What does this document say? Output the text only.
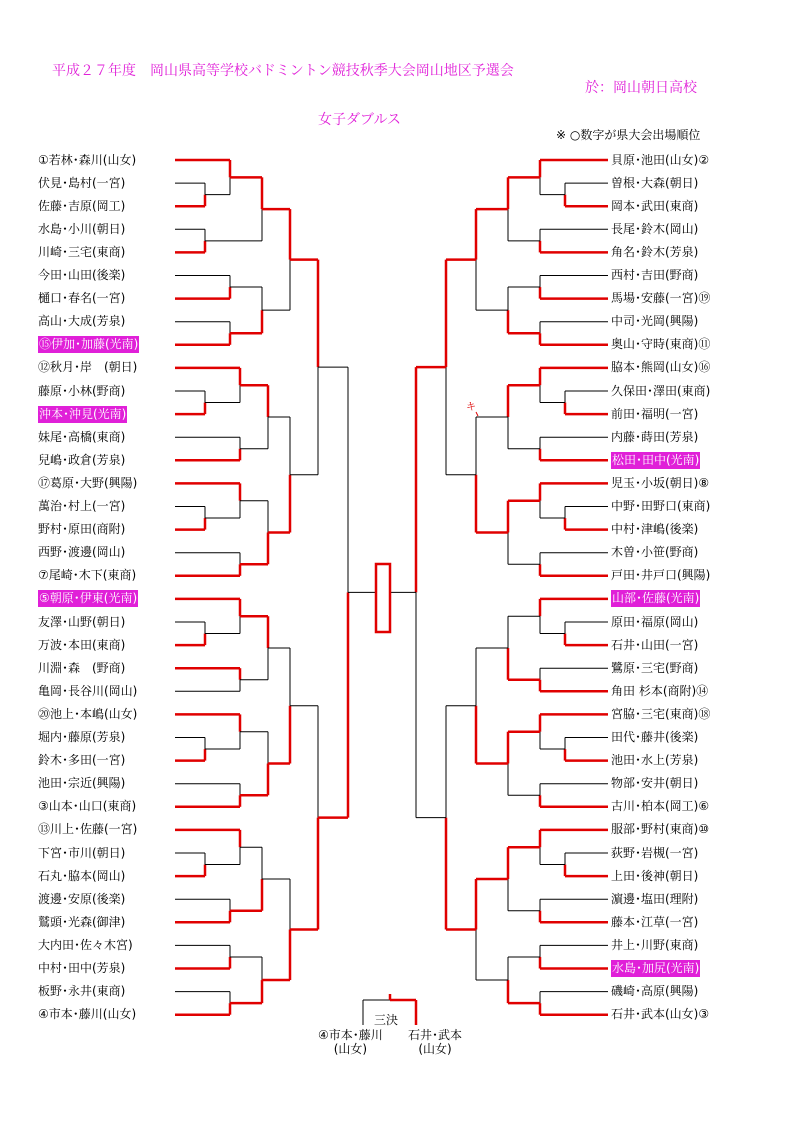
平成２７年度　岡山県高等学校バドミントン競技秋季大会岡山地区予選会
於：岡山朝日高校
女子ダブルス
※ ○数字が県大会出場順位
①若林･森川(山女)
伏見･島村(一宮)
佐藤･吉原(岡工)
水島･小川(朝日)
川崎･三宅(東商)
今田･山田(後楽)
樋口･春名(一宮)
高山･大成(芳泉)
⑮伊加･加藤(光南)
⑫秋月･岸　(朝日)
藤原･小林(野商)
沖本･沖見(光南)
妹尾･高橋(東商)
兒嶋･政倉(芳泉)
⑰葛原･大野(興陽)
萬治･村上(一宮)
野村･原田(商附)
西野･渡邊(岡山)
⑦尾崎･木下(東商)
⑤朝原･伊東(光南)
友澤･山野(朝日)
万波･本田(東商)
川淵･森　(野商)
亀岡･長谷川(岡山)
⑳池上･本嶋(山女)
堀内･藤原(芳泉)
鈴木･多田(一宮)
池田･宗近(興陽)
③山本･山口(東商)
⑬川上･佐藤(一宮)
下宮･市川(朝日)
石丸･脇本(岡山)
渡邊･安原(後楽)
鷲頭･光森(御津)
大内田･佐々木宮)
中村･田中(芳泉)
板野･永井(東商)
④市本･藤川(山女)
貝原･池田(山女)②
曽根･大森(朝日)
岡本･武田(東商)
長尾･鈴木(岡山)
角名･鈴木(芳泉)
西村･吉田(野商)
馬場･安藤(一宮)⑲
中司･光岡(興陽)
奥山･守時(東商)⑪
脇本･熊岡(山女)⑯
久保田･澤田(東商)
前田･福明(一宮)
内藤･蒔田(芳泉)
松田･田中(光南)
児玉･小坂(朝日)⑧
中野･田野口(東商)
中村･津嶋(後楽)
木曽･小笹(野商)
戸田･井戸口(興陽)
山部･佐藤(光南)
原田･福原(岡山)
石井･山田(一宮)
鷺原･三宅(野商)
角田 杉本(商附)⑭
宮脇･三宅(東商)⑱
田代･藤井(後楽)
池田･水上(芳泉)
物部･安井(朝日)
古川･柏本(岡工)⑥
服部･野村(東商)⑩
荻野･岩槻(一宮)
上田･後神(朝日)
濵邊･塩田(理附)
藤本･江草(一宮)
井上･川野(東商)
水島･加尻(光南)
磯崎･高原(興陽)
石井･武本(山女)③
三決
④市本･藤川
(山女)
石井･武本
(山女)
キ
